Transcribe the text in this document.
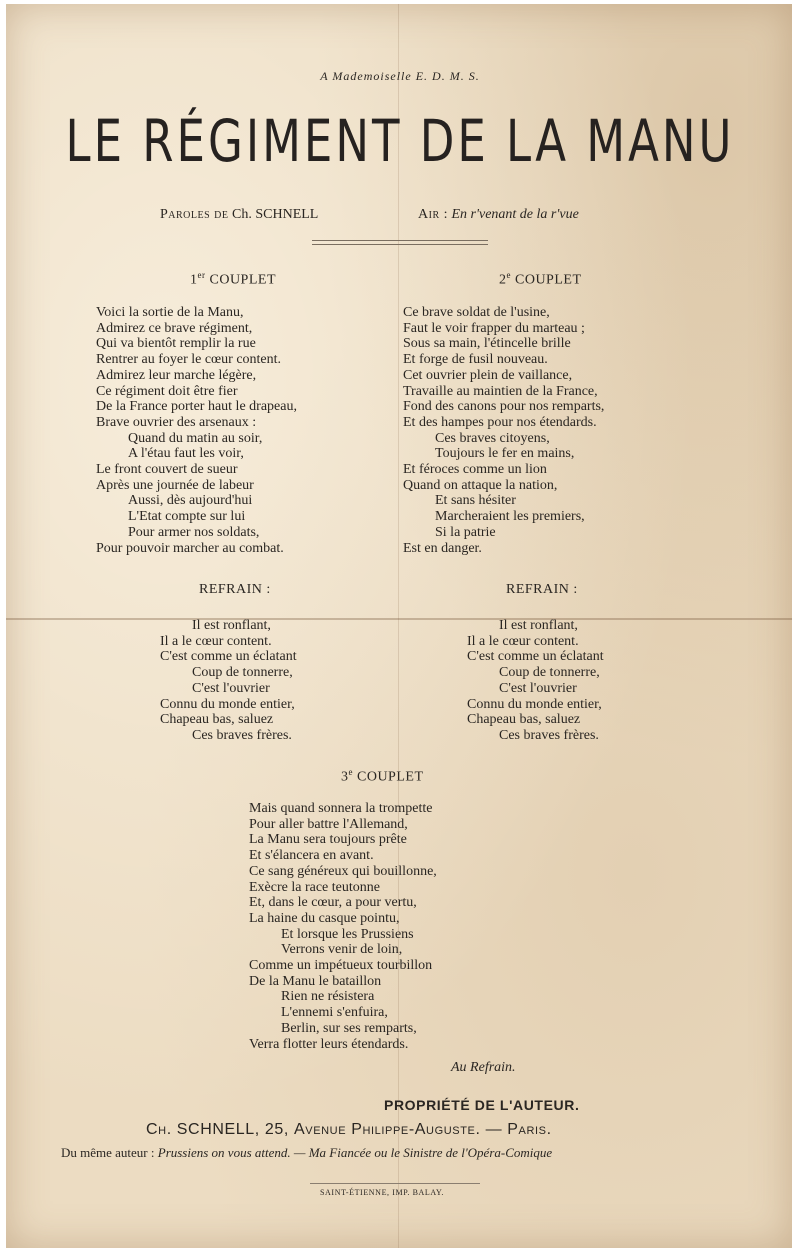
A Mademoiselle E. D. M. S.
LE RÉGIMENT DE LA MANU
Paroles de Ch. SCHNELL	Air : En r'venant de la r'vue
1er COUPLET	2e COUPLET
Voici la sortie de la Manu,
Admirez ce brave régiment,
Qui va bientôt remplir la rue
Rentrer au foyer le cœur content.
Admirez leur marche légère,
Ce régiment doit être fier
De la France porter haut le drapeau,
Brave ouvrier des arsenaux :
Quand du matin au soir,
A l'étau faut les voir,
Le front couvert de sueur
Après une journée de labeur
Aussi, dès aujourd'hui
L'Etat compte sur lui
Pour armer nos soldats,
Pour pouvoir marcher au combat.
Ce brave soldat de l'usine,
Faut le voir frapper du marteau ;
Sous sa main, l'étincelle brille
Et forge de fusil nouveau.
Cet ouvrier plein de vaillance,
Travaille au maintien de la France,
Fond des canons pour nos remparts,
Et des hampes pour nos étendards.
Ces braves citoyens,
Toujours le fer en mains,
Et féroces comme un lion
Quand on attaque la nation,
Et sans hésiter
Marcheraient les premiers,
Si la patrie
Est en danger.
REFRAIN :	REFRAIN :
Il est ronflant,
Il a le cœur content.
C'est comme un éclatant
Coup de tonnerre,
C'est l'ouvrier
Connu du monde entier,
Chapeau bas, saluez
Ces braves frères.
Il est ronflant,
Il a le cœur content.
C'est comme un éclatant
Coup de tonnerre,
C'est l'ouvrier
Connu du monde entier,
Chapeau bas, saluez
Ces braves frères.
3e COUPLET
Mais quand sonnera la trompette
Pour aller battre l'Allemand,
La Manu sera toujours prête
Et s'élancera en avant.
Ce sang généreux qui bouillonne,
Exècre la race teutonne
Et, dans le cœur, a pour vertu,
La haine du casque pointu,
Et lorsque les Prussiens
Verrons venir de loin,
Comme un impétueux tourbillon
De la Manu le bataillon
Rien ne résistera
L'ennemi s'enfuira,
Berlin, sur ses remparts,
Verra flotter leurs étendards.
Au Refrain.
PROPRIÉTÉ DE L'AUTEUR.
Ch. SCHNELL, 25, Avenue Philippe-Auguste. — Paris.
Du même auteur : Prussiens on vous attend. — Ma Fiancée ou le Sinistre de l'Opéra-Comique
SAINT-ÉTIENNE, IMP. BALAY.
